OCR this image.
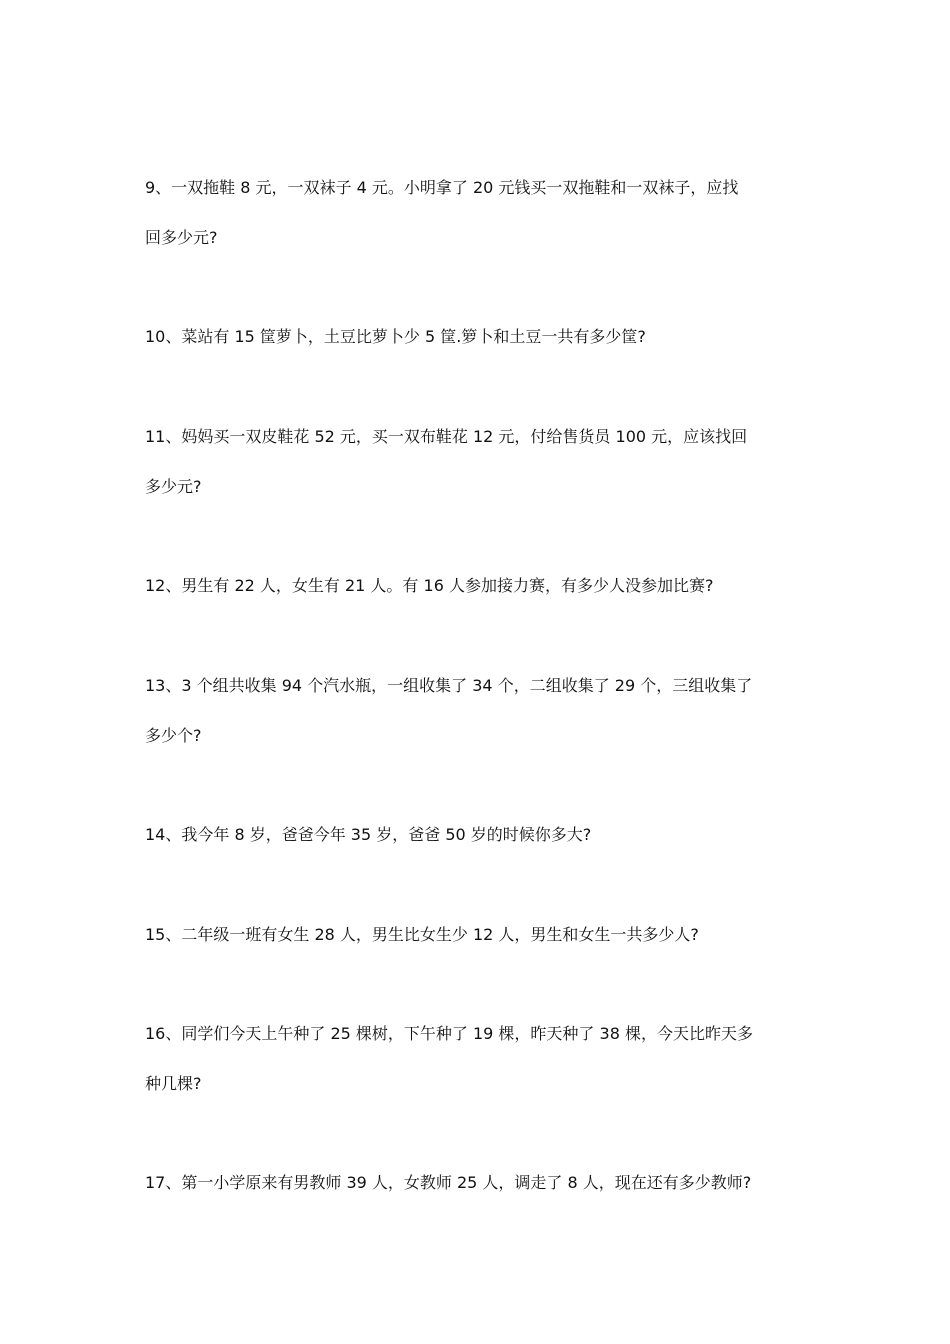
9、一双拖鞋 8 元，一双袜子 4 元。小明拿了 20 元钱买一双拖鞋和一双袜子，应找
回多少元?
10、菜站有 15 筐萝卜，土豆比萝卜少 5 筐.箩卜和土豆一共有多少筐?
11、妈妈买一双皮鞋花 52 元，买一双布鞋花 12 元，付给售货员 100 元，应该找回
多少元?
12、男生有 22 人，女生有 21 人。有 16 人参加接力赛，有多少人没参加比赛?
13、3 个组共收集 94 个汽水瓶，一组收集了 34 个，二组收集了 29 个，三组收集了
多少个?
14、我今年 8 岁，爸爸今年 35 岁，爸爸 50 岁的时候你多大?
15、二年级一班有女生 28 人，男生比女生少 12 人，男生和女生一共多少人?
16、同学们今天上午种了 25 棵树，下午种了 19 棵，昨天种了 38 棵，今天比昨天多
种几棵?
17、第一小学原来有男教师 39 人，女教师 25 人，调走了 8 人，现在还有多少教师?
